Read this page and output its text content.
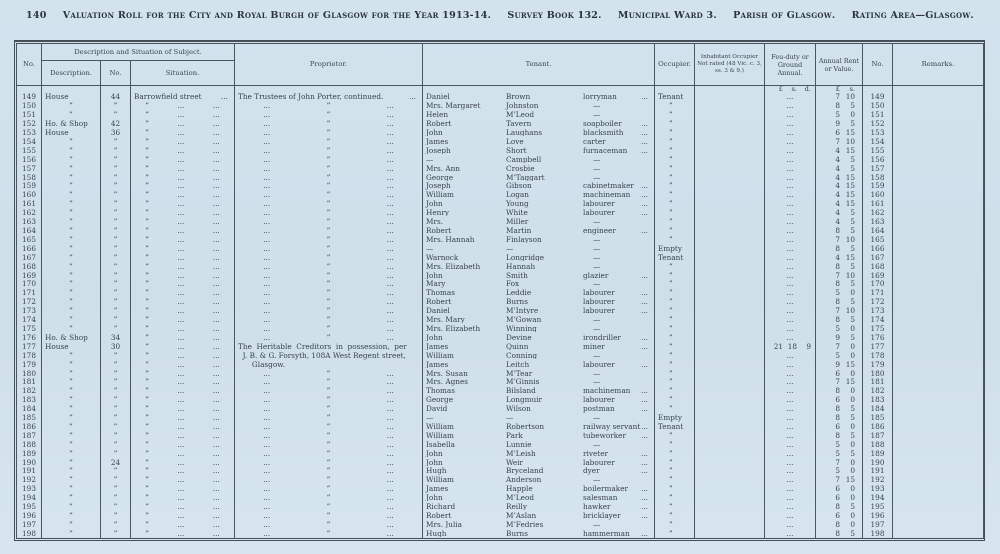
140 Valuation Roll for the City and Royal Burgh of Glasgow for the Year 1913-14. Survey Book 132. Municipal Ward 3. Parish of Glasgow. Rating Area—Glasgow.
No.	Description and Situation of Subject.			Proprietor.	Tenant.	Occupier.	Inhabitant Occupier Not rated (48 Vic. c. 3, ss. 3 & 9.)	Feu-duty or Ground Annual.	Annual Rent or Value.	No.	Remarks.
	Description.	No.	Situation.								

								£ s. d.	£ s.		

149	House	44	Barrowfield street ...	The Trustees of John Porter, continued. ...	Daniel Brown lorryman ...	Tenant		...	7 10	149	
150	”	”	” ... ...	... ” ...	Mrs. Margaret Johnston —	”		...	8 5	150	
151	”	”	” ... ...	... ” ...	Helen M’Leod —	”		...	5 0	151	
152	Ho. & Shop	42	” ... ...	... ” ...	Robert Tavern soapboiler ...	”		...	9 5	152	
153	House	36	” ... ...	... ” ...	John Laughans blacksmith ...	”		...	6 15	153	
154	”	”	” ... ...	... ” ...	James Love carter ...	”		...	7 10	154	
155	”	”	” ... ...	... ” ...	Joseph Short furnaceman ...	”		...	4 15	155	
156	”	”	” ... ...	... ” ...	— Campbell —	”		...	4 5	156	
157	”	”	” ... ...	... ” ...	Mrs. Ann Crosbie —	”		...	4 5	157	
158	”	”	” ... ...	... ” ...	George M’Taggart —	”		...	4 15	158	
159	”	”	” ... ...	... ” ...	Joseph Gibson cabinetmaker ...	”		...	4 15	159	
160	”	”	” ... ...	... ” ...	William Logan machineman ...	”		...	4 15	160	
161	”	”	” ... ...	... ” ...	John Young labourer ...	”		...	4 15	161	
162	”	”	” ... ...	... ” ...	Henry White labourer ...	”		...	4 5	162	
163	”	”	” ... ...	... ” ...	Mrs. Miller —	”		...	4 5	163	
164	”	”	” ... ...	... ” ...	Robert Martin engineer ...	”		...	8 5	164	
165	”	”	” ... ...	... ” ...	Mrs. Hannah Finlayson —	”		...	7 10	165	
166	”	”	” ... ...	... ” ...	— — —	Empty		...	8 5	166	
167	”	”	” ... ...	... ” ...	Warnock Longridge —	Tenant		...	4 15	167	
168	”	”	” ... ...	... ” ...	Mrs. Elizabeth Hannah —	”		...	8 5	168	
169	”	”	” ... ...	... ” ...	John Smith glazier ...	”		...	7 10	169	
170	”	”	” ... ...	... ” ...	Mary Fox —	”		...	8 5	170	
171	”	”	” ... ...	... ” ...	Thomas Leddie labourer ...	”		...	5 0	171	
172	”	”	” ... ...	... ” ...	Robert Burns labourer ...	”		...	8 5	172	
173	”	”	” ... ...	... ” ...	Daniel M’Intyre labourer ...	”		...	7 10	173	
174	”	”	” ... ...	... ” ...	Mrs. Mary M’Gowan —	”		...	8 5	174	
175	”	”	” ... ...	... ” ...	Mrs. Elizabeth Winning —	”		...	5 0	175	
176	Ho. & Shop	34	” ... ...	... ” ...	John Devine irondriller ...	”		...	9 5	176	
177	House	30	” ... ...	The  Heritable  Creditors  in  possession,  per	James Quinn miner ...	”		21 18 9	7 0	177	
178	”	”	” ... ...	J. B. & G. Forsyth, 108A West Regent street,	William Conning —	”		...	5 0	178	
179	”	”	” ... ...	Glasgow.	James Leitch labourer ...	”		...	9 15	179	
180	”	”	” ... ...	... ” ...	Mrs. Susan M’Tear —	”		...	6 0	180	
181	”	”	” ... ...	... ” ...	Mrs. Agnes M’Ginnis —	”		...	7 15	181	
182	”	”	” ... ...	... ” ...	Thomas Bilsland machineman ...	”		...	8 0	182	
183	”	”	” ... ...	... ” ...	George Longmuir labourer ...	”		...	6 0	183	
184	”	”	” ... ...	... ” ...	David Wilson postman ...	”		...	8 5	184	
185	”	”	” ... ...	... ” ...	— — —	Empty		...	8 5	185	
186	”	”	” ... ...	... ” ...	William Robertson railway servant ...	Tenant		...	6 0	186	
187	”	”	” ... ...	... ” ...	William Park tubeworker ...	”		...	8 5	187	
188	”	”	” ... ...	... ” ...	Isabella Lunnie —	”		...	5 0	188	
189	”	”	” ... ...	... ” ...	John M’Leish riveter ...	”		...	5 5	189	
190	”	24	” ... ...	... ” ...	John Weir labourer ...	”		...	7 0	190	
191	”	”	” ... ...	... ” ...	Hugh Bryceland dyer ...	”		...	5 0	191	
192	”	”	” ... ...	... ” ...	William Anderson —	”		...	7 15	192	
193	”	”	” ... ...	... ” ...	James Happle boilermaker ...	”		...	6 0	193	
194	”	”	” ... ...	... ” ...	John M’Leod salesman ...	”		...	6 0	194	
195	”	”	” ... ...	... ” ...	Richard Reilly hawker ...	”		...	8 5	195	
196	”	”	” ... ...	... ” ...	Robert M’Aslan bricklayer ...	”		...	6 0	196	
197	”	”	” ... ...	... ” ...	Mrs. Julia M’Fedries —	”		...	8 0	197	
198	”	”	” ... ...	... ” ...	Hugh Burns hammerman ...	”		...	8 5	198	
